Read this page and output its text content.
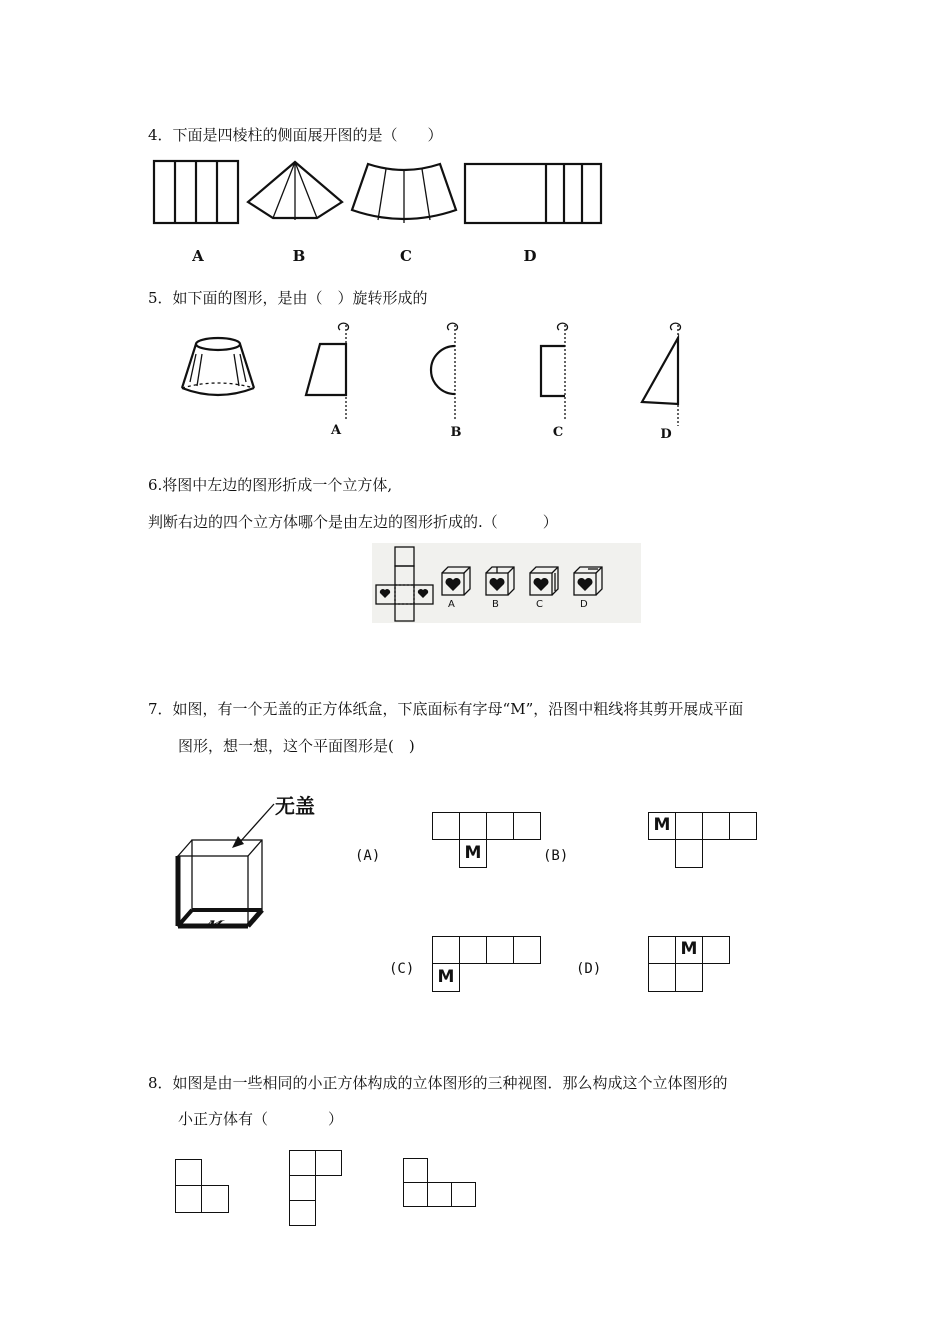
4．下面是四棱柱的侧面展开图的是（　　）
A	B	C	D
5．如下面的图形，是由（　）旋转形成的
A	B	C	D
6.将图中左边的图形折成一个立方体,
判断右边的四个立方体哪个是由左边的图形折成的.（　　　）
A	B	C	D
7．如图，有一个无盖的正方体纸盒，下底面标有字母“M”，沿图中粗线将其剪开展成平面
图形，想一想，这个平面图形是(　)
无盖
M
(A)	M	(B)
M
(C)	M	(D)
M
8．如图是由一些相同的小正方体构成的立体图形的三种视图．那么构成这个立体图形的
小正方体有（　　　　）
